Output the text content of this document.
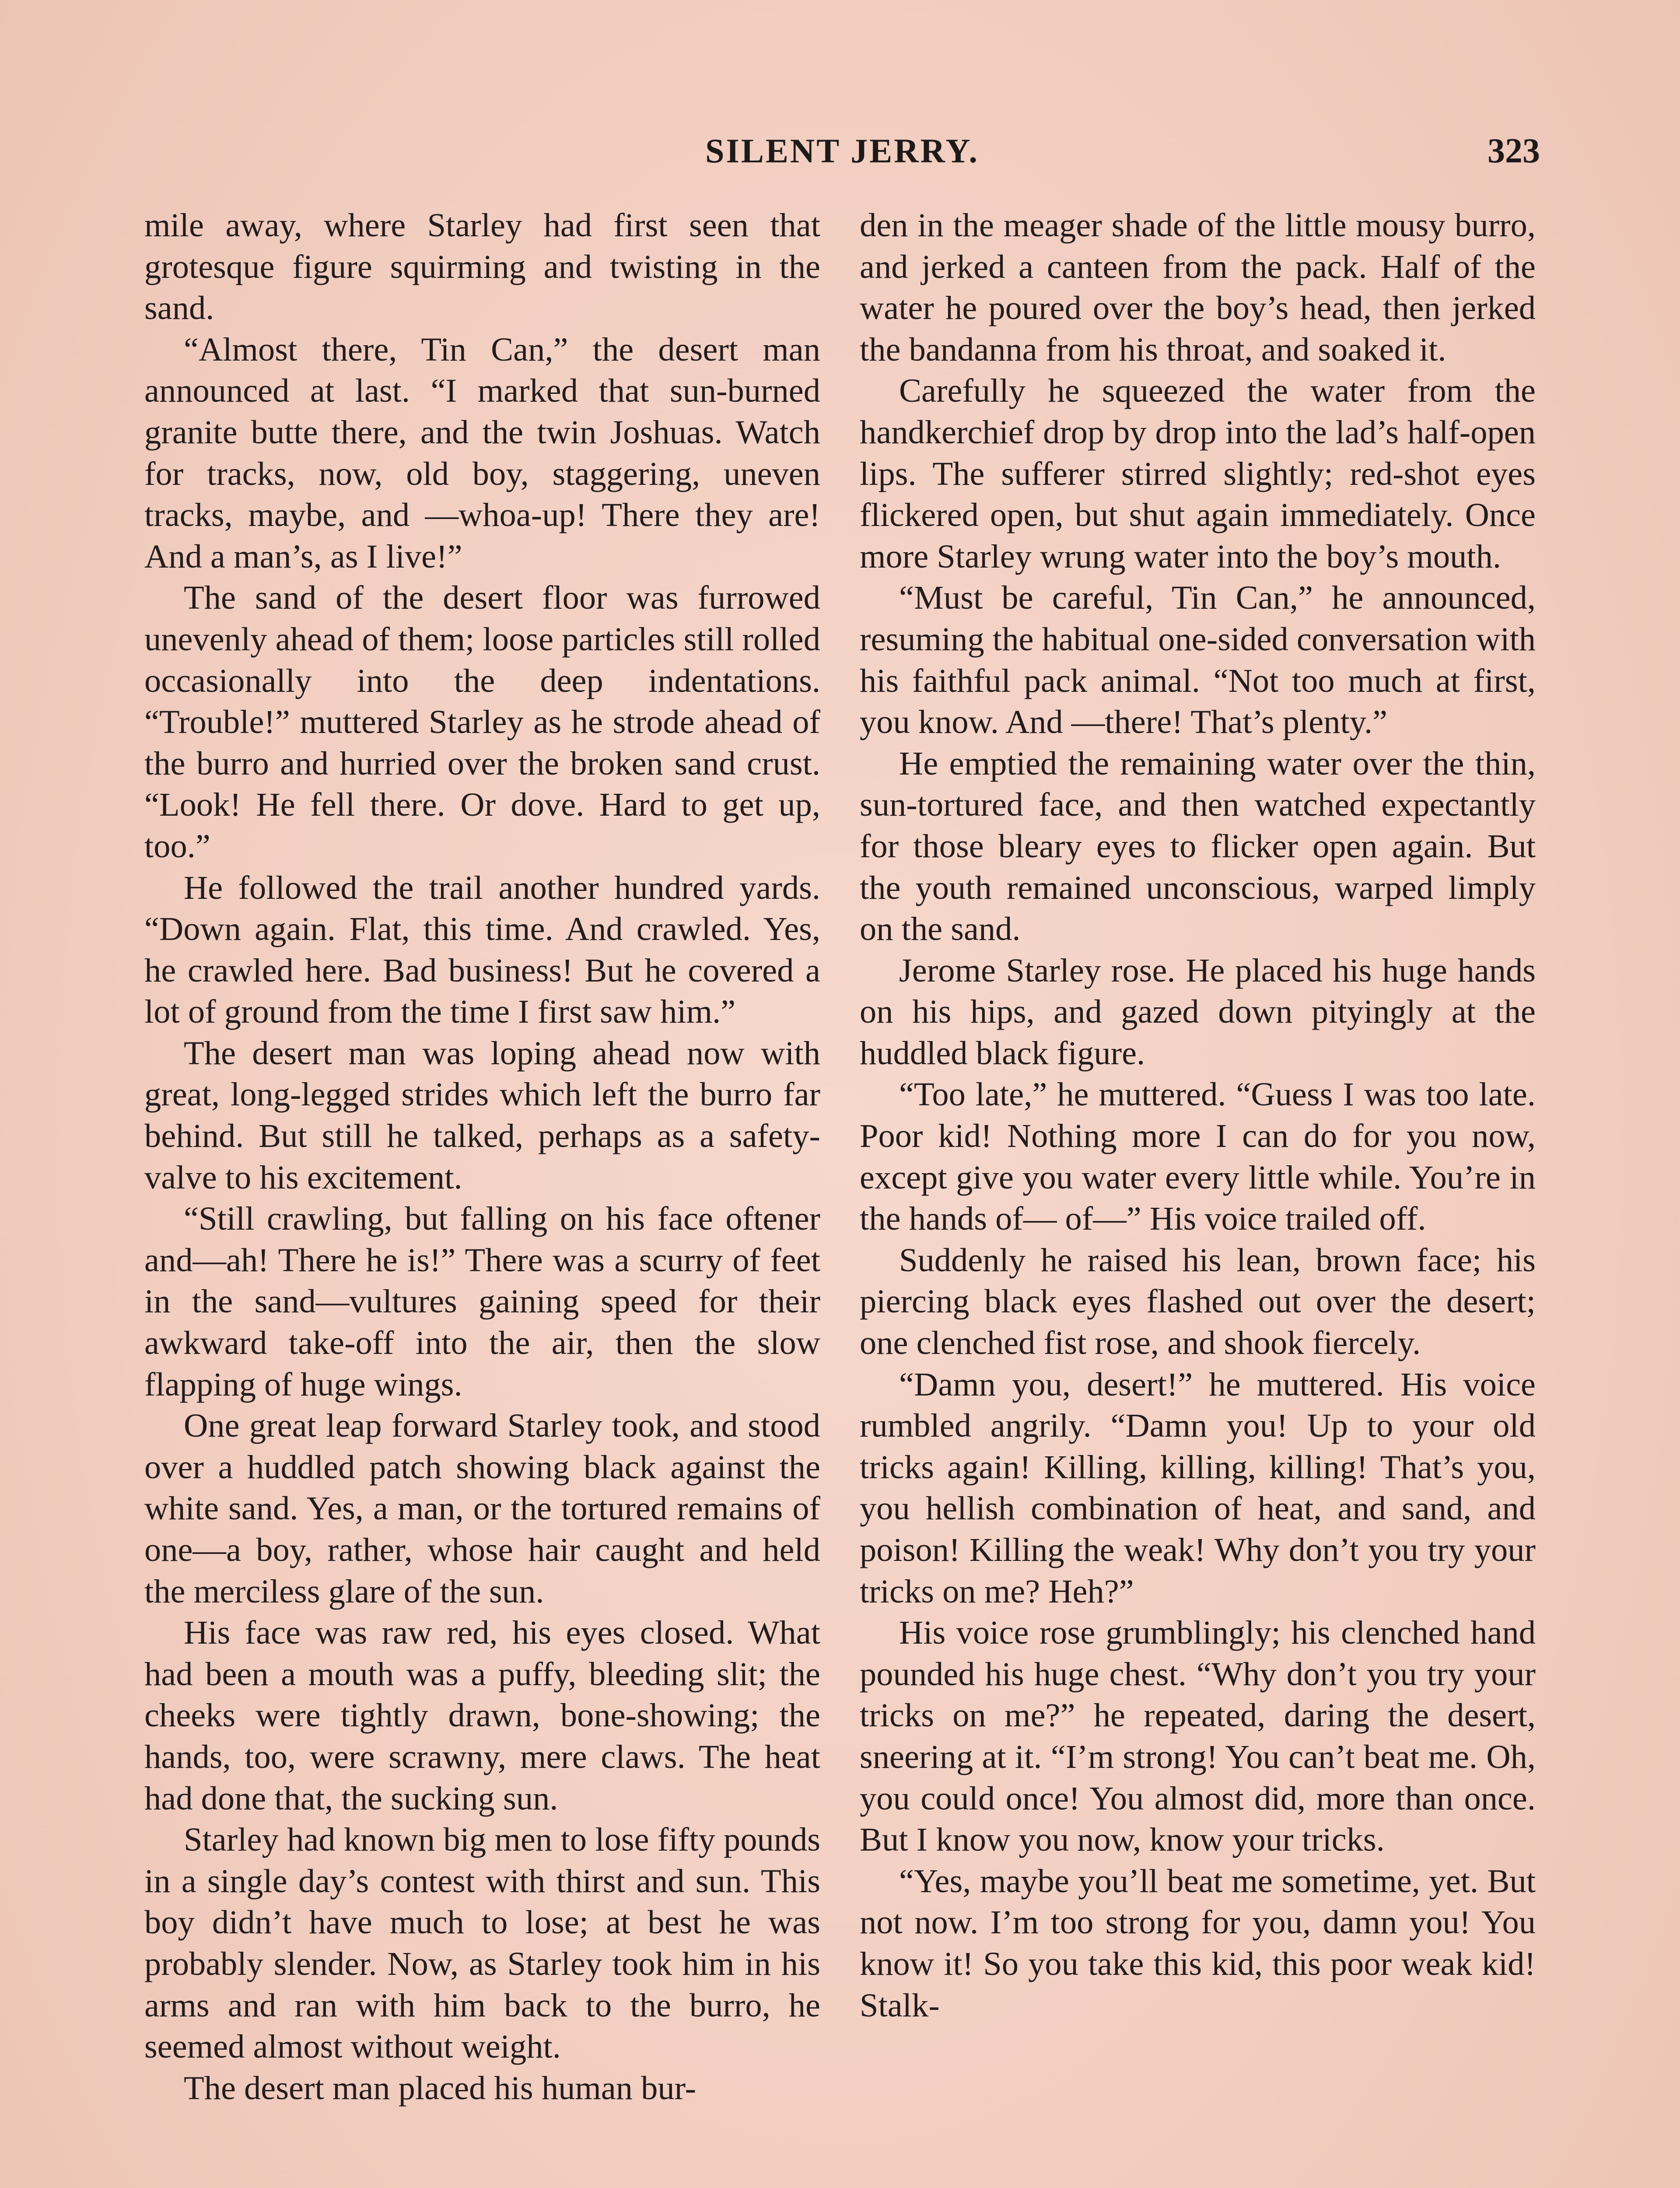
SILENT JERRY.	323

mile away, where Starley had first seen that grotesque figure squirming and twisting in the sand.

“Almost there, Tin Can,” the desert man announced at last. “I marked that sun-burned granite butte there, and the twin Joshuas. Watch for tracks, now, old boy, staggering, uneven tracks, maybe, and —whoa-up! There they are! And a man’s, as I live!”

The sand of the desert floor was furrowed unevenly ahead of them; loose particles still rolled occasionally into the deep indentations. “Trouble!” muttered Starley as he strode ahead of the burro and hurried over the broken sand crust. “Look! He fell there. Or dove. Hard to get up, too.”

He followed the trail another hundred yards. “Down again. Flat, this time. And crawled. Yes, he crawled here. Bad business! But he covered a lot of ground from the time I first saw him.”

The desert man was loping ahead now with great, long-legged strides which left the burro far behind. But still he talked, perhaps as a safety-valve to his excitement.

“Still crawling, but falling on his face oftener and—ah! There he is!” There was a scurry of feet in the sand—vultures gaining speed for their awkward take-off into the air, then the slow flapping of huge wings.

One great leap forward Starley took, and stood over a huddled patch showing black against the white sand. Yes, a man, or the tortured remains of one—a boy, rather, whose hair caught and held the merciless glare of the sun.

His face was raw red, his eyes closed. What had been a mouth was a puffy, bleeding slit; the cheeks were tightly drawn, bone-showing; the hands, too, were scrawny, mere claws. The heat had done that, the sucking sun.

Starley had known big men to lose fifty pounds in a single day’s contest with thirst and sun. This boy didn’t have much to lose; at best he was probably slender. Now, as Starley took him in his arms and ran with him back to the burro, he seemed almost without weight.

The desert man placed his human bur-

den in the meager shade of the little mousy burro, and jerked a canteen from the pack. Half of the water he poured over the boy’s head, then jerked the bandanna from his throat, and soaked it.

Carefully he squeezed the water from the handkerchief drop by drop into the lad’s half-open lips. The sufferer stirred slightly; red-shot eyes flickered open, but shut again immediately. Once more Starley wrung water into the boy’s mouth.

“Must be careful, Tin Can,” he announced, resuming the habitual one-sided conversation with his faithful pack animal. “Not too much at first, you know. And —there! That’s plenty.”

He emptied the remaining water over the thin, sun-tortured face, and then watched expectantly for those bleary eyes to flicker open again. But the youth remained unconscious, warped limply on the sand.

Jerome Starley rose. He placed his huge hands on his hips, and gazed down pityingly at the huddled black figure.

“Too late,” he muttered. “Guess I was too late. Poor kid! Nothing more I can do for you now, except give you water every little while. You’re in the hands of— of—” His voice trailed off.

Suddenly he raised his lean, brown face; his piercing black eyes flashed out over the desert; one clenched fist rose, and shook fiercely.

“Damn you, desert!” he muttered. His voice rumbled angrily. “Damn you! Up to your old tricks again! Killing, killing, killing! That’s you, you hellish combination of heat, and sand, and poison! Killing the weak! Why don’t you try your tricks on me? Heh?”

His voice rose grumblingly; his clenched hand pounded his huge chest. “Why don’t you try your tricks on me?” he repeated, daring the desert, sneering at it. “I’m strong! You can’t beat me. Oh, you could once! You almost did, more than once. But I know you now, know your tricks.

“Yes, maybe you’ll beat me sometime, yet. But not now. I’m too strong for you, damn you! You know it! So you take this kid, this poor weak kid! Stalk-
